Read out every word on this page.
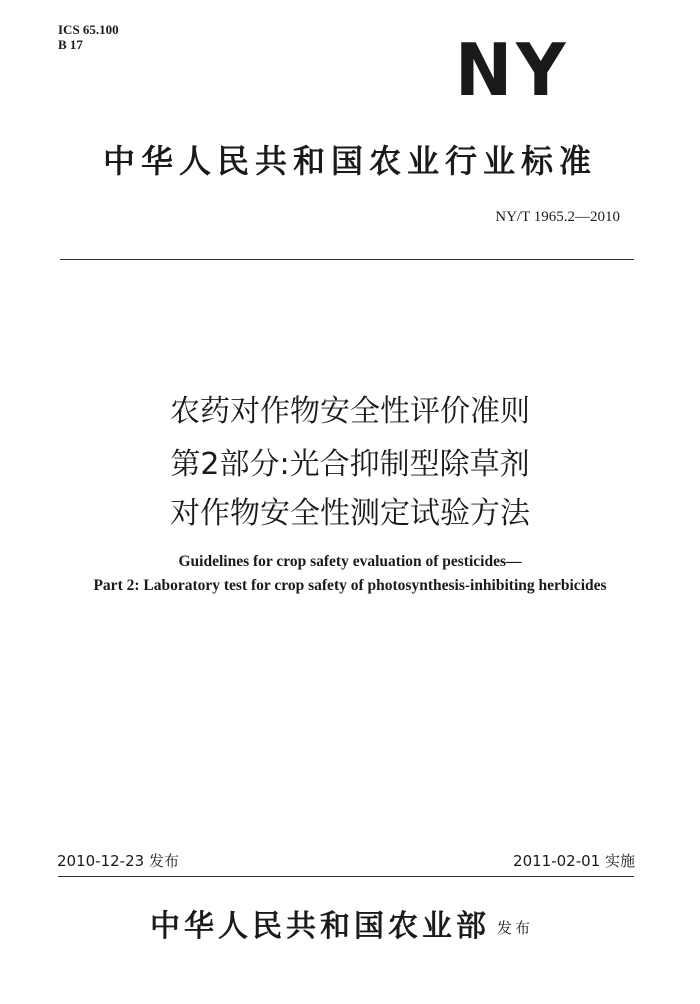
ICS 65.100
B 17	NY
中华人民共和国农业行业标准
NY/T 1965.2—2010
农药对作物安全性评价准则
第2部分:光合抑制型除草剂
对作物安全性测定试验方法
Guidelines for crop safety evaluation of pesticides—
Part 2: Laboratory test for crop safety of photosynthesis-inhibiting herbicides
2010-12-23 发布	2011-02-01 实施
中华人民共和国农业部 发布
